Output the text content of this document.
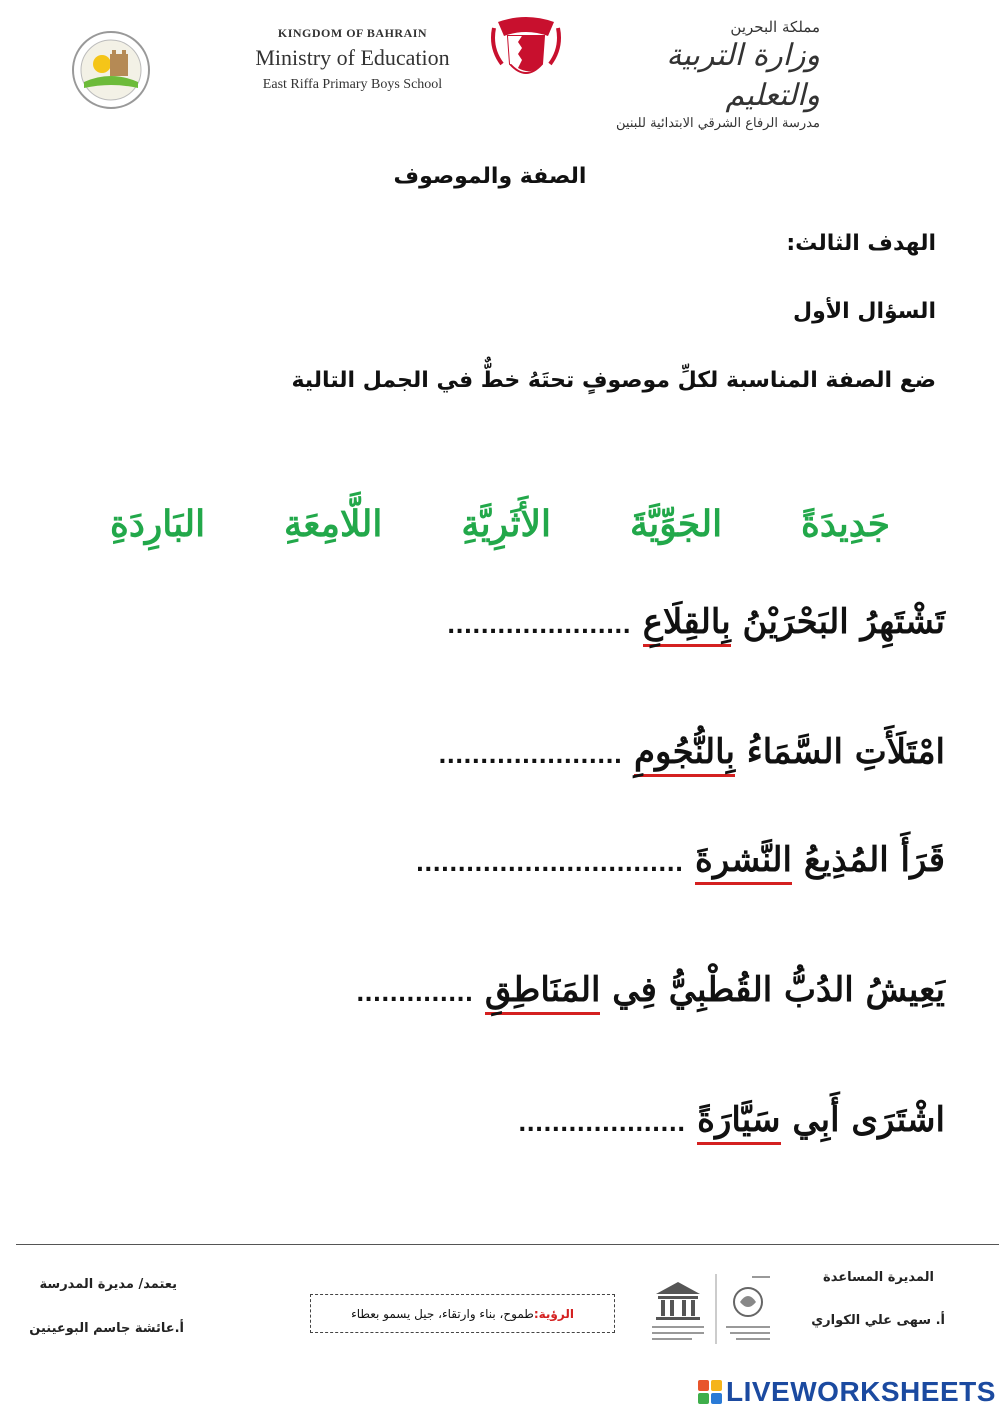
KINGDOM OF BAHRAIN
Ministry of Education
East Riffa Primary Boys School
مملكة البحرين
وزارة التربية والتعليم
مدرسة الرفاع الشرقي الابتدائية للبنين
الصفة والموصوف
الهدف الثالث:
السؤال الأول
ضع الصفة المناسبة لكلِّ موصوفٍ تحتَهُ خطٌّ في الجمل التالية
جَدِيدَةً
الجَوِّيَّةَ
الأَثَرِيَّةِ
اللَّامِعَةِ
البَارِدَةِ
تَشْتَهِرُ البَحْرَيْنُ بِالقِلَاعِ ......................
امْتَلَأَتِ السَّمَاءُ بِالنُّجُومِ ......................
قَرَأَ المُذِيعُ النَّشرةَ ................................
يَعِيشُ الدُبُّ القُطْبِيُّ فِي المَنَاطِقِ ..............
اشْتَرَى أَبِي سَيَّارَةً ....................
المديرة المساعدة
أ. سهى علي الكواري
يعتمد/ مديرة المدرسة
أ.عائشة جاسم البوعينين
الرؤية:
طموح، بناء وارتقاء، جيل يسمو بعطاء
LIVEWORKSHEETS
